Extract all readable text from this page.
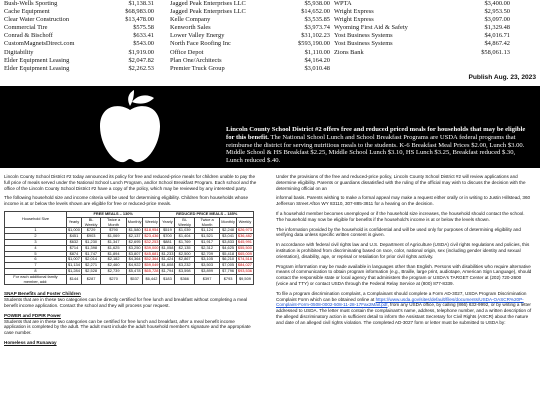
Bush-Wells Sporting	$1,138.31
Cache Equipment	$68,983.00
Clear Water Construction	$13,478.00
Commercial Tire	$575.58
Conrad & Bischoff	$633.41
CustomMagnetsDirect.com	$543.00
Digitability	$1,919.00
Elder Equipment Leasing	$2,047.82
Elder Equipment Leasing	$2,262.53
Jagged Peak Enterprises LLC	$5,938.00
Jagged Peak Enterprises LLC	$14,652.00
Kelle Company	$3,535.85
Kenworth Sales	$3,973.74
Lower Valley Energy	$31,102.23
North Face Roofing Inc	$593,190.00
Office Depot	$1,110.00
Plan One/Architects	$4,164.20
Premier Truck Group	$3,010.48
WPTA	$3,400.00
Wright Express	$2,953.50
Wright Express	$3,097.00
Wyoming First Aid & Safety	$1,329.48
Yost Business Systems	$4,016.71
Yost Business Systems	$4,867.42
Zions Bank	$58,061.13
Publish Aug. 23, 2023
Lincoln County School District #2 offers free and reduced priced meals for households that may be eligible for this benefit. The National School Lunch and School Breakfast Programs are USDA federal programs that reimburse the district for serving nutritious meals to the students. K-6 Breakfast Meal Prices $2.00, Lunch $3.00. Middle School & HS Breakfast $2.25, Middle School Lunch $3.10, HS Lunch $3.25, Breakfast reduced $.30, Lunch reduced $.40.

Lincoln County School District #2 today announced its policy for free and reduced-price meals for children unable to pay the full price of meals served under the National School Lunch Program, and/or School Breakfast Program. Each school and the office of the Lincoln County School District #2 have a copy of the policy, which may be reviewed by any interested party.

The following household size and income criteria will be used for determining eligibility. Children from households whose income is at or below the levels shown are eligible for free or reduced-price meals.

Household Size	FREE MEALS – 130%					REDUCED PRICE MEALS – 185%				
	Yearly	Bi-Weekly	Twice a Month	Monthly	Weekly	Yearly	Bi-Weekly	Twice a Month	Monthly	Weekly
1	$1,000	$729	$790	$1,580	$18,954	$519	$1,039	$1,124	$2,248	$26,973
2	$451	$903	$1,069	$2,137	$23,436	$700	$1,404	$1,521	$3,041	$36,482
3	$632	$1,230	$1,347	$2,695	$32,253	$881	$1,769	$1,917	$3,833	$45,991
4	$714	$1,398	$1,625	$3,250	$39,000	$1,058	$2,135	$2,312	$4,625	$55,500
5	$874	$1,747	$1,894	$3,807	$45,681	$1,233	$2,500	$2,709	$5,418	$65,009
6	$1,007	$2,014	$2,182	$4,364	$52,364	$1,424	$2,867	$3,105	$6,210	$74,518
7	$1,134	$2,271	$2,460	$4,922	$59,049	$1,608	$3,232	$3,503	$7,005	$84,027
8	$1,284	$2,528	$2,739	$5,478	$65,728	$1,794	$3,598	$3,899	$7,796	$93,536
For each additional family member, add:	$144	$287	$270	$537	$6,442	$183	$366	$397	$793	$9,509
SNAP Benefits and Foster Children

Students that are in these two categories can be directly certified for free lunch and breakfast without completing a meal benefit income application. Contact the school and they will process your request.

POWER and FDPIR Power

Students that are in these two categories can be certified for free lunch and breakfast, after a meal benefit income application is completed by the adult. The adult must include the adult household member's signature and the appropriate case number.

Homeless and Runaway

Under the provisions of the free and reduced-price policy, Lincoln County School District #2 will review applications and determine eligibility. Parents or guardians dissatisfied with the ruling of the official may wish to discuss the decision with the determining official on an

informal basis. Parents wishing to make a formal appeal may make a request either orally or in writing to Justin Hillstead, 360 Jefferson Street Afton WY 83110, 307-885-3811 for a hearing on the decision.

If a household member becomes unemployed or if the household size increases, the household should contact the school. The household may now be eligible for benefits if the household's income is at or below the levels shown.

The information provided by the household is confidential and will be used only for purposes of determining eligibility and verifying data unless specific written consent is given.

In accordance with federal civil rights law and U.S. Department of Agriculture (USDA) civil rights regulations and policies, this institution is prohibited from discriminating based on race, color, national origin, sex (including gender identity and sexual orientation), disability, age, or reprisal or retaliation for prior civil rights activity.

Program information may be made available in languages other than English. Persons with disabilities who require alternative means of communication to obtain program information (e.g., Braille, large print, audiotape, American Sign Language), should contact the responsible state or local agency that administers the program or USDA's TARGET Center at (202) 720-2600 (voice and TTY) or contact USDA through the Federal Relay Service at (800) 877-8339.

To file a program discrimination complaint, a Complainant should complete a Form AD-3027, USDA Program Discrimination Complaint Form which can be obtained online at https://www.usda.gov/sites/default/files/documents/USDA-OASCR%20P-Complaint-Form-0508-0002-508-11-28-17Fax2Mail.pdf, from any USDA office, by calling (866) 632-9992, or by writing a letter addressed to USDA. The letter must contain the complainant's name, address, telephone number, and a written description of the alleged discriminatory action in sufficient detail to inform the Assistant Secretary for Civil Rights (ASCR) about the nature and date of an alleged civil rights violation. The completed AD-3027 form or letter must be submitted to USDA by:
